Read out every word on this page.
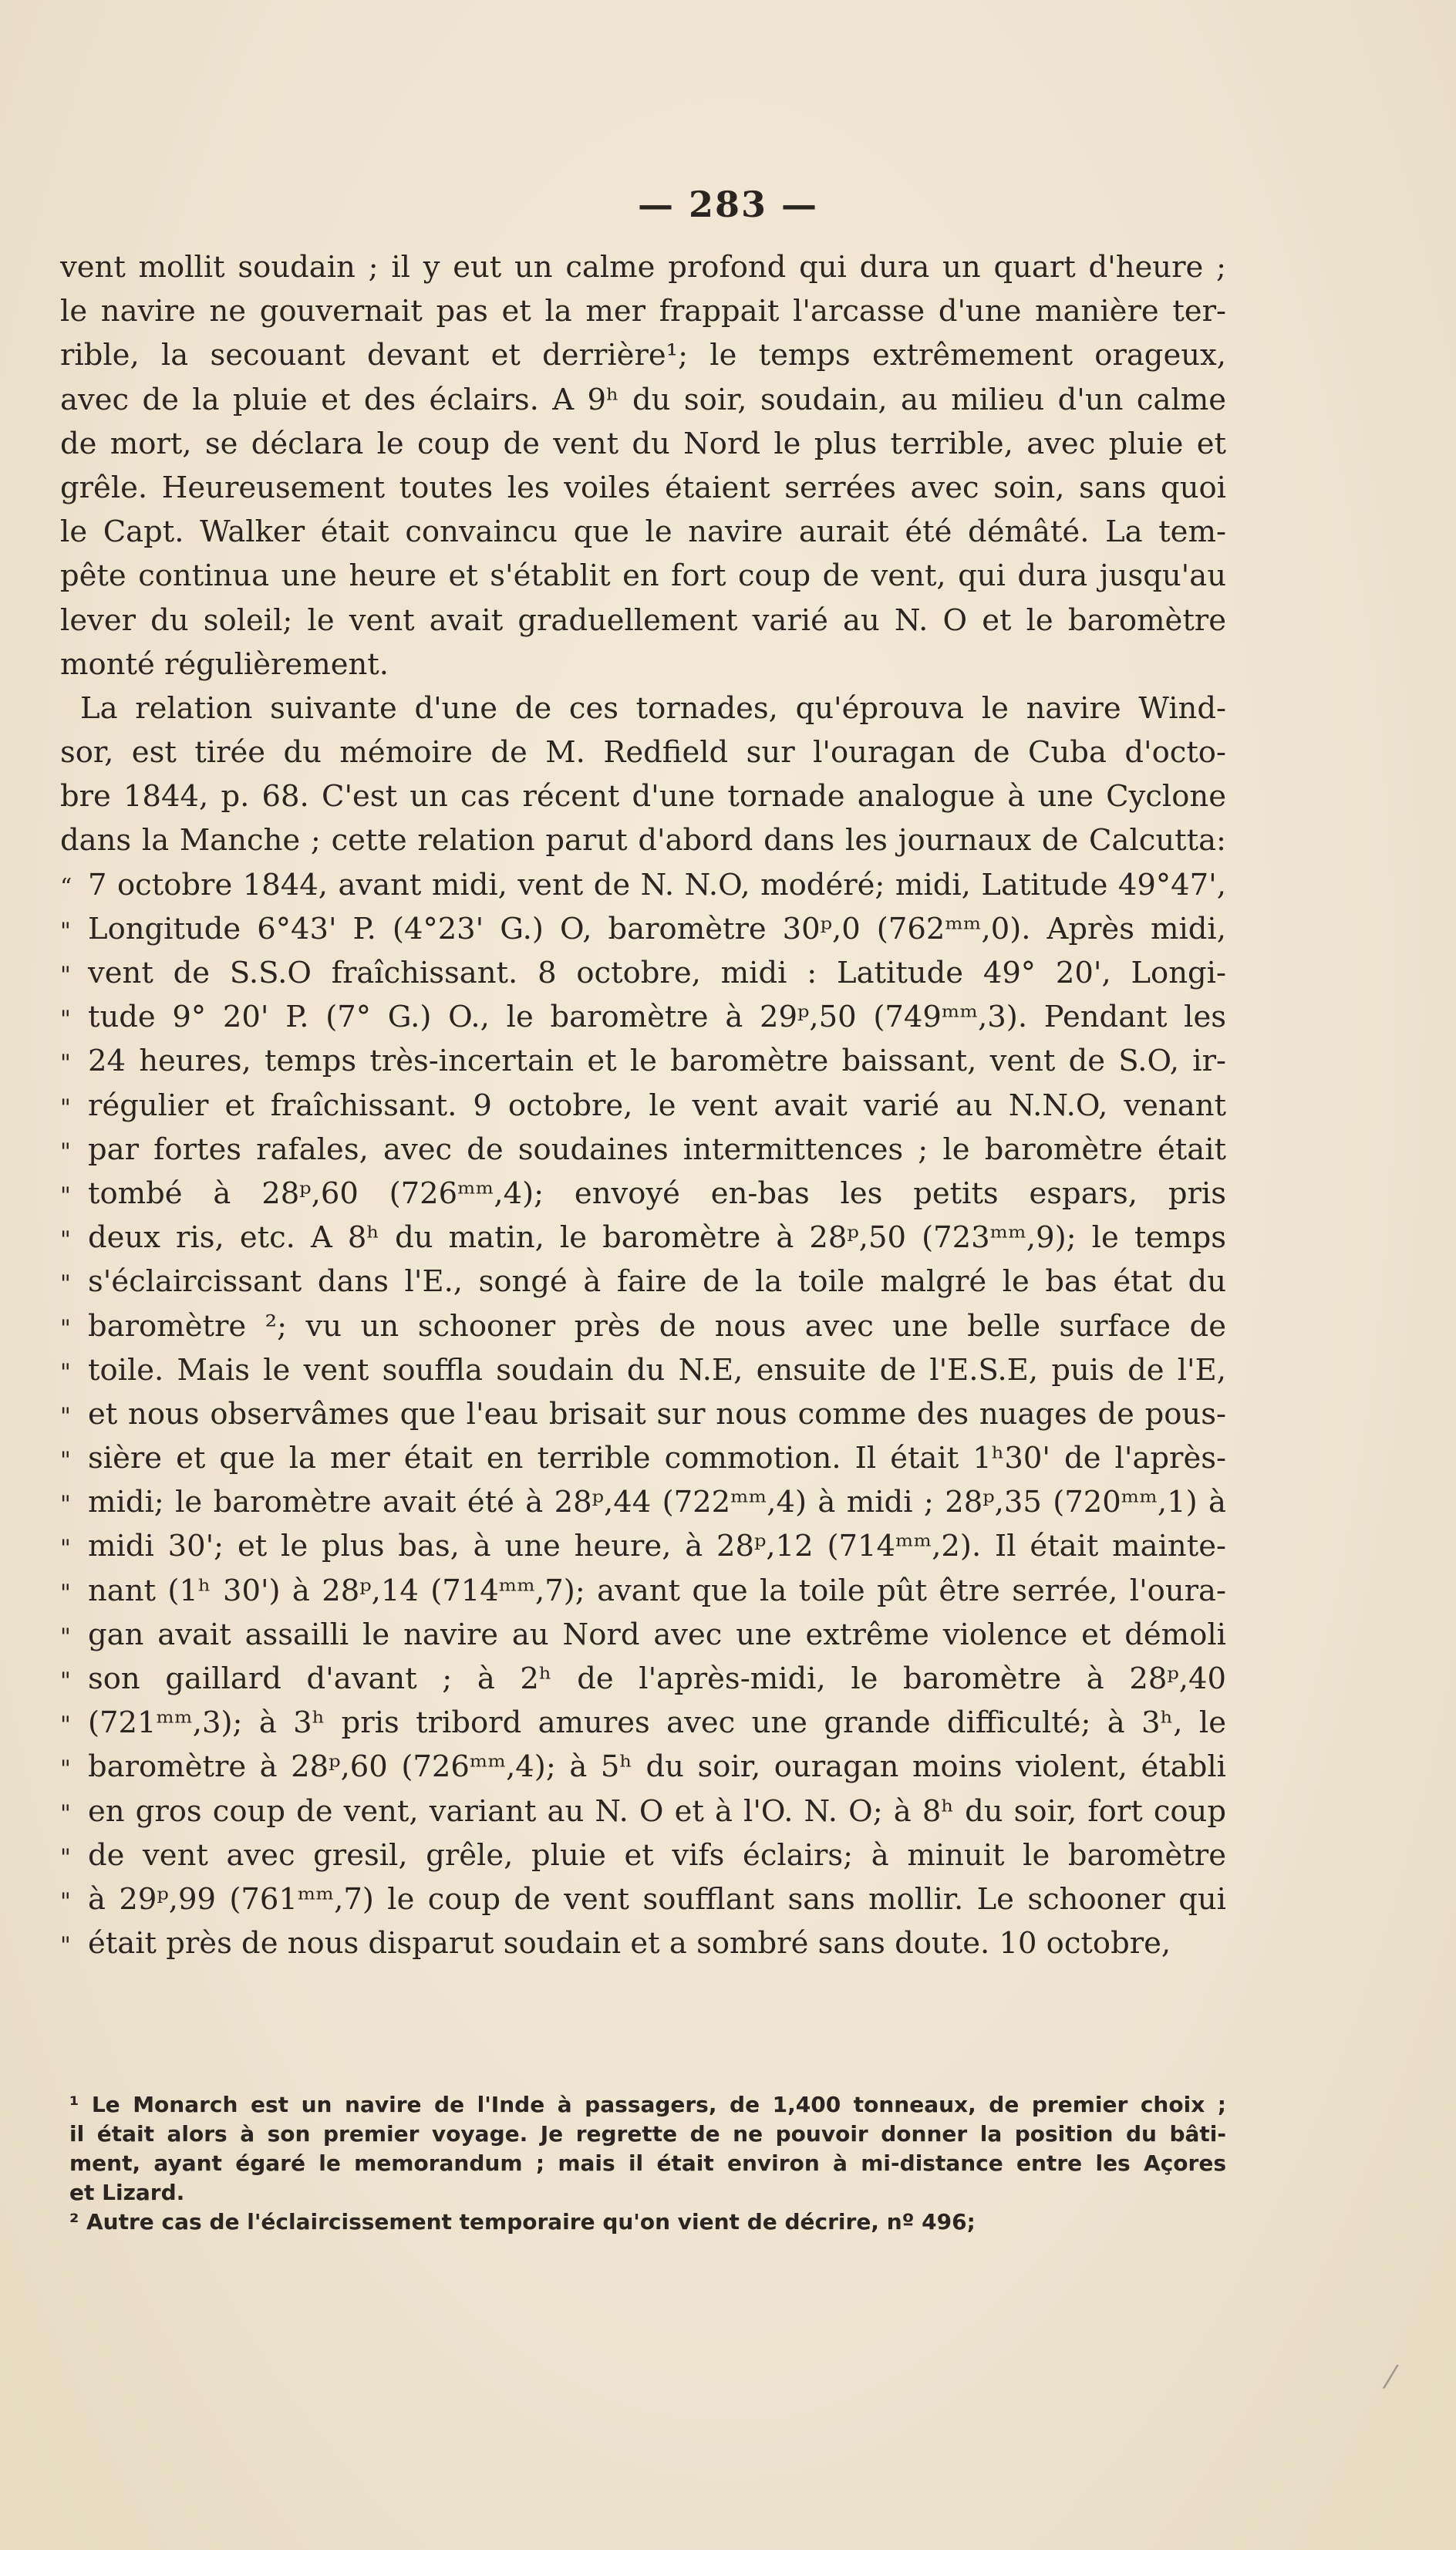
— 283 —
vent mollit soudain ; il y eut un calme profond qui dura un quart d'heure ;
le navire ne gouvernait pas et la mer frappait l'arcasse d'une manière ter-
rible, la secouant devant et derrière¹; le temps extrêmement orageux,
avec de la pluie et des éclairs. A 9ʰ du soir, soudain, au milieu d'un calme
de mort, se déclara le coup de vent du Nord le plus terrible, avec pluie et
grêle. Heureusement toutes les voiles étaient serrées avec soin, sans quoi
le Capt. Walker était convaincu que le navire aurait été démâté. La tem-
pête continua une heure et s'établit en fort coup de vent, qui dura jusqu'au
lever du soleil; le vent avait graduellement varié au N. O et le baromètre
monté régulièrement.
La relation suivante d'une de ces tornades, qu'éprouva le navire Wind-
sor, est tirée du mémoire de M. Redfield sur l'ouragan de Cuba d'octo-
bre 1844, p. 68. C'est un cas récent d'une tornade analogue à une Cyclone
dans la Manche ; cette relation parut d'abord dans les journaux de Calcutta:
“ 7 octobre 1844, avant midi, vent de N. N.O, modéré; midi, Latitude 49°47',
" Longitude 6°43' P. (4°23' G.) O, baromètre 30ᵖ,0 (762ᵐᵐ,0). Après midi,
" vent de S.S.O fraîchissant. 8 octobre, midi : Latitude 49° 20', Longi-
" tude 9° 20' P. (7° G.) O., le baromètre à 29ᵖ,50 (749ᵐᵐ,3). Pendant les
" 24 heures, temps très-incertain et le baromètre baissant, vent de S.O, ir-
" régulier et fraîchissant. 9 octobre, le vent avait varié au N.N.O, venant
" par fortes rafales, avec de soudaines intermittences ; le baromètre était
" tombé à 28ᵖ,60 (726ᵐᵐ,4); envoyé en-bas les petits espars, pris
" deux ris, etc. A 8ʰ du matin, le baromètre à 28ᵖ,50 (723ᵐᵐ,9); le temps
" s'éclaircissant dans l'E., songé à faire de la toile malgré le bas état du
" baromètre ²; vu un schooner près de nous avec une belle surface de
" toile. Mais le vent souffla soudain du N.E, ensuite de l'E.S.E, puis de l'E,
" et nous observâmes que l'eau brisait sur nous comme des nuages de pous-
" sière et que la mer était en terrible commotion. Il était 1ʰ30' de l'après-
" midi; le baromètre avait été à 28ᵖ,44 (722ᵐᵐ,4) à midi ; 28ᵖ,35 (720ᵐᵐ,1) à
" midi 30'; et le plus bas, à une heure, à 28ᵖ,12 (714ᵐᵐ,2). Il était mainte-
" nant (1ʰ 30') à 28ᵖ,14 (714ᵐᵐ,7); avant que la toile pût être serrée, l'oura-
" gan avait assailli le navire au Nord avec une extrême violence et démoli
" son gaillard d'avant ; à 2ʰ de l'après-midi, le baromètre à 28ᵖ,40
" (721ᵐᵐ,3); à 3ʰ pris tribord amures avec une grande difficulté; à 3ʰ, le
" baromètre à 28ᵖ,60 (726ᵐᵐ,4); à 5ʰ du soir, ouragan moins violent, établi
" en gros coup de vent, variant au N. O et à l'O. N. O; à 8ʰ du soir, fort coup
" de vent avec gresil, grêle, pluie et vifs éclairs; à minuit le baromètre
" à 29ᵖ,99 (761ᵐᵐ,7) le coup de vent soufflant sans mollir. Le schooner qui
" était près de nous disparut soudain et a sombré sans doute. 10 octobre,
¹ Le Monarch est un navire de l'Inde à passagers, de 1,400 tonneaux, de premier choix ;
il était alors à son premier voyage. Je regrette de ne pouvoir donner la position du bâti-
ment, ayant égaré le memorandum ; mais il était environ à mi-distance entre les Açores
et Lizard.
² Autre cas de l'éclaircissement temporaire qu'on vient de décrire, nº 496;
⁄
